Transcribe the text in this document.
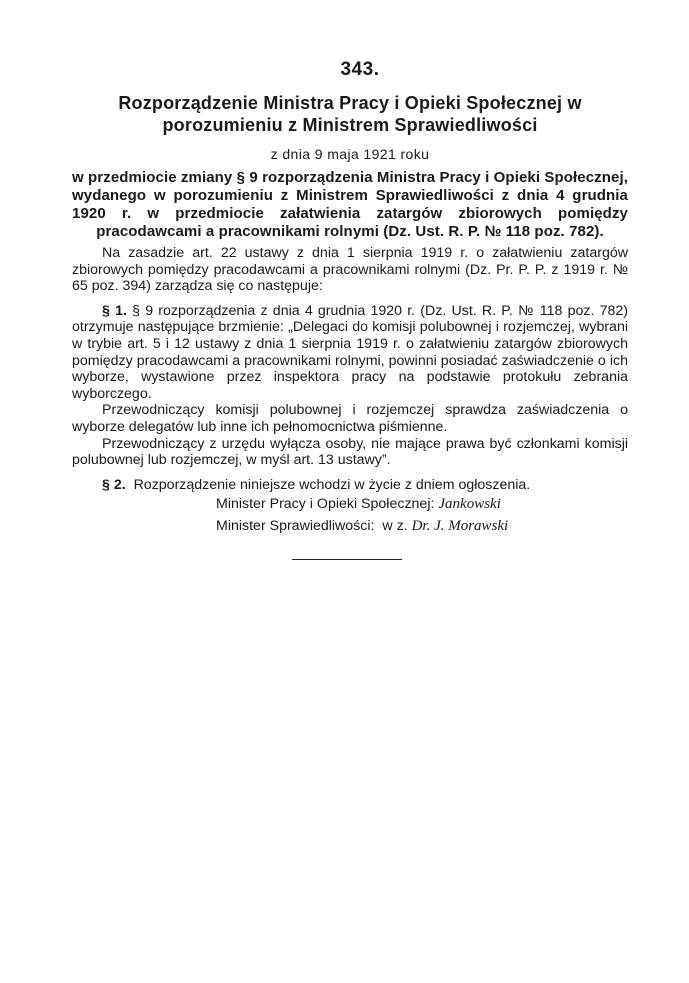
343.
Rozporządzenie Ministra Pracy i Opieki Społecznej w porozumieniu z Ministrem Sprawiedliwości
z dnia 9 maja 1921 roku

w przedmiocie zmiany § 9 rozporządzenia Ministra Pracy i Opieki Społecznej, wydanego w porozumieniu z Ministrem Sprawiedliwości z dnia 4 grudnia 1920 r. w przedmiocie załatwienia zatargów zbiorowych pomiędzy pracodawcami a pracownikami rolnymi (Dz. Ust. R. P. № 118 poz. 782).

Na zasadzie art. 22 ustawy z dnia 1 sierpnia 1919 r. o załatwieniu zatargów zbiorowych pomiędzy pracodawcami a pracownikami rolnymi (Dz. Pr. P. P. z 1919 r. № 65 poz. 394) zarządza się co następuje:

§ 1. § 9 rozporządzenia z dnia 4 grudnia 1920 r. (Dz. Ust. R. P. № 118 poz. 782) otrzymuje następujące brzmienie: „Delegaci do komisji polubownej i rozjemczej, wybrani w trybie art. 5 i 12 ustawy z dnia 1 sierpnia 1919 r. o załatwieniu zatargów zbiorowych pomiędzy pracodawcami a pracownikami rolnymi, powinni posiadać zaświadczenie o ich wyborze, wystawione przez inspektora pracy na podstawie protokułu zebrania wyborczego.

Przewodniczący komisji polubownej i rozjemczej sprawdza zaświadczenia o wyborze delegatów lub inne ich pełnomocnictwa piśmienne.

Przewodniczący z urzędu wyłącza osoby, nie mające prawa być członkami komisji polubownej lub rozjemczej, w myśl art. 13 ustawy”.

§ 2. Rozporządzenie niniejsze wchodzi w życie z dniem ogłoszenia.

Minister Pracy i Opieki Społecznej: Jankowski

Minister Sprawiedliwości: w z. Dr. J. Morawski
